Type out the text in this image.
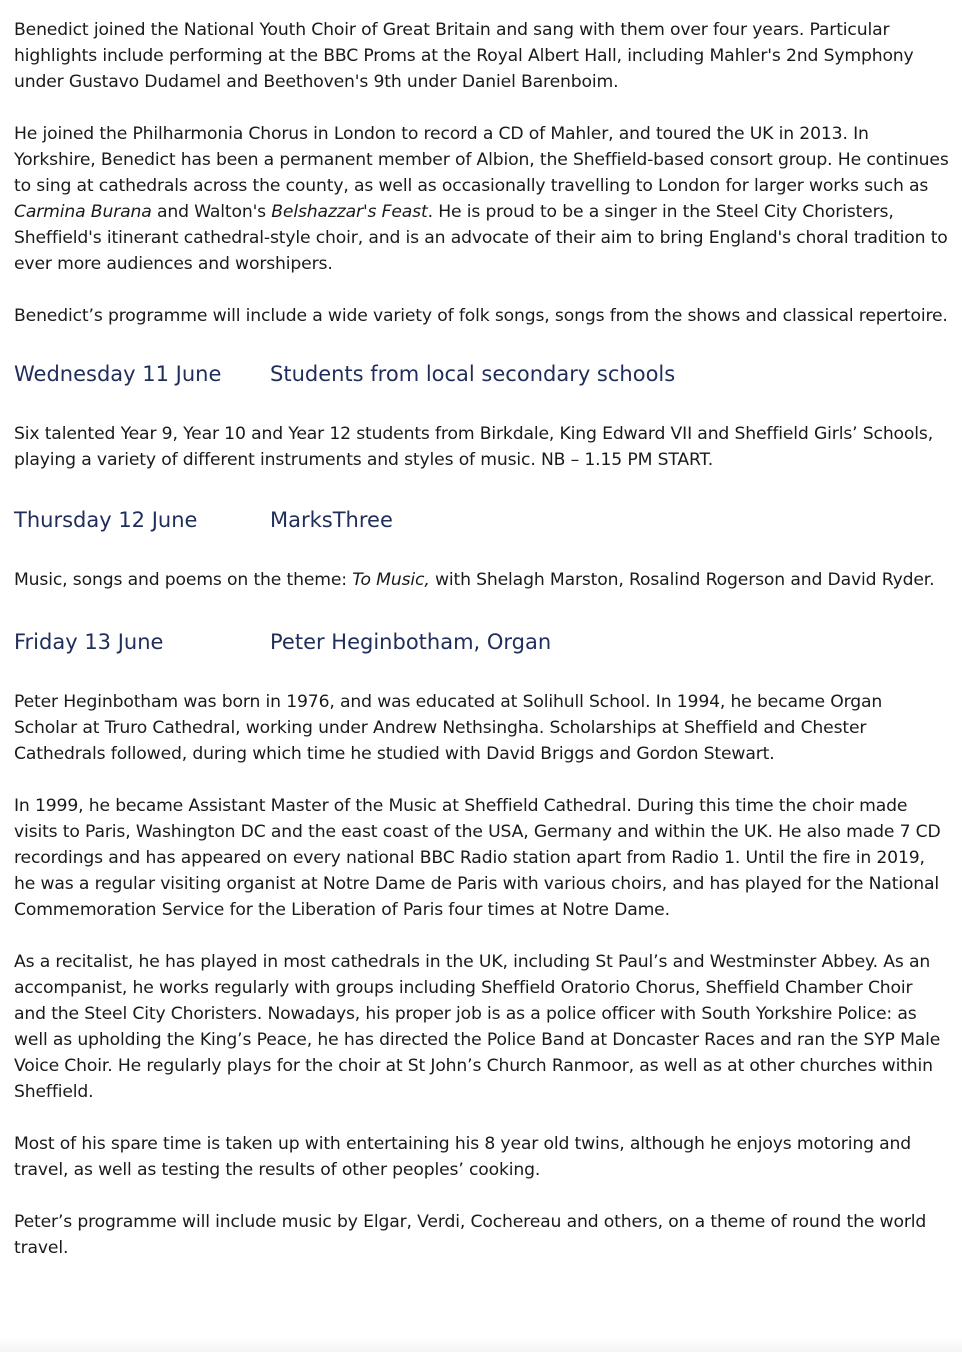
Benedict joined the National Youth Choir of Great Britain and sang with them over four years. Particular highlights include performing at the BBC Proms at the Royal Albert Hall, including Mahler's 2nd Symphony under Gustavo Dudamel and Beethoven's 9th under Daniel Barenboim.

He joined the Philharmonia Chorus in London to record a CD of Mahler, and toured the UK in 2013. In Yorkshire, Benedict has been a permanent member of Albion, the Sheffield-based consort group. He continues to sing at cathedrals across the county, as well as occasionally travelling to London for larger works such as Carmina Burana and Walton's Belshazzar's Feast. He is proud to be a singer in the Steel City Choristers, Sheffield's itinerant cathedral-style choir, and is an advocate of their aim to bring England's choral tradition to ever more audiences and worshipers.

Benedict’s programme will include a wide variety of folk songs, songs from the shows and classical repertoire.

Wednesday 11 June	Students from local secondary schools

Six talented Year 9, Year 10 and Year 12 students from Birkdale, King Edward VII and Sheffield Girls’ Schools, playing a variety of different instruments and styles of music. NB – 1.15 PM START.

Thursday 12 June	MarksThree

Music, songs and poems on the theme: To Music, with Shelagh Marston, Rosalind Rogerson and David Ryder.

Friday 13 June	Peter Heginbotham, Organ

Peter Heginbotham was born in 1976, and was educated at Solihull School. In 1994, he became Organ Scholar at Truro Cathedral, working under Andrew Nethsingha. Scholarships at Sheffield and Chester Cathedrals followed, during which time he studied with David Briggs and Gordon Stewart.

In 1999, he became Assistant Master of the Music at Sheffield Cathedral. During this time the choir made visits to Paris, Washington DC and the east coast of the USA, Germany and within the UK. He also made 7 CD recordings and has appeared on every national BBC Radio station apart from Radio 1. Until the fire in 2019, he was a regular visiting organist at Notre Dame de Paris with various choirs, and has played for the National Commemoration Service for the Liberation of Paris four times at Notre Dame.

As a recitalist, he has played in most cathedrals in the UK, including St Paul’s and Westminster Abbey. As an accompanist, he works regularly with groups including Sheffield Oratorio Chorus, Sheffield Chamber Choir and the Steel City Choristers. Nowadays, his proper job is as a police officer with South Yorkshire Police: as well as upholding the King’s Peace, he has directed the Police Band at Doncaster Races and ran the SYP Male Voice Choir. He regularly plays for the choir at St John’s Church Ranmoor, as well as at other churches within Sheffield.

Most of his spare time is taken up with entertaining his 8 year old twins, although he enjoys motoring and travel, as well as testing the results of other peoples’ cooking.

Peter’s programme will include music by Elgar, Verdi, Cochereau and others, on a theme of round the world travel.
